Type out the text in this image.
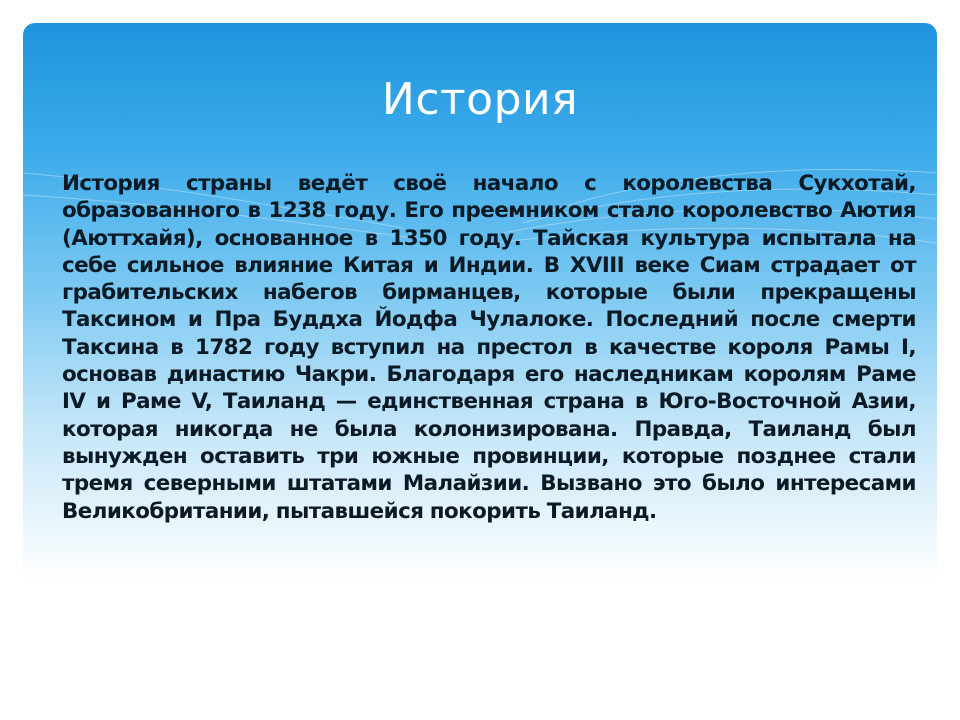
История

История страны ведёт своё начало с королевства Сукхотай, образованного в 1238 году. Его преемником стало королевство Аютия (Аюттхайя), основанное в 1350 году. Тайская культура испытала на себе сильное влияние Китая и Индии. В XVIII веке Сиам страдает от грабительских набегов бирманцев, которые были прекращены Таксином и Пра Буддха Йодфа Чулалоке. Последний после смерти Таксина в 1782 году вступил на престол в качестве короля Рамы I, основав династию Чакри. Благодаря его наследникам королям Раме IV и Раме V, Таиланд — единственная страна в Юго-Восточной Азии, которая никогда не была колонизирована. Правда, Таиланд был вынужден оставить три южные провинции, которые позднее стали тремя северными штатами Малайзии. Вызвано это было интересами Великобритании, пытавшейся покорить Таиланд.
